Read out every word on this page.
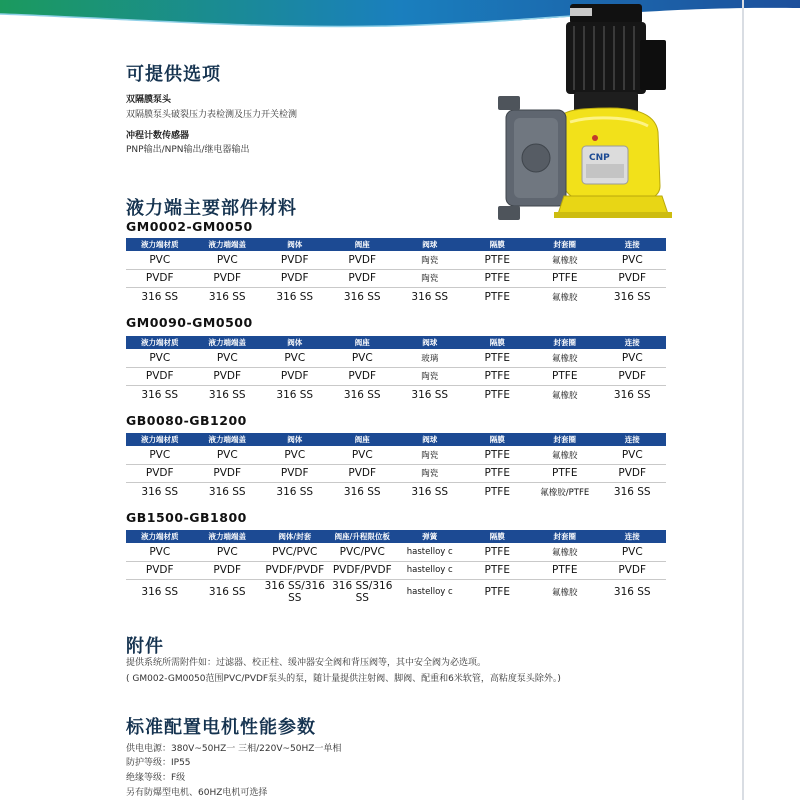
CNP
可提供选项
双隔膜泵头
双隔膜泵头破裂压力表检测及压力开关检测
冲程计数传感器
PNP输出/NPN输出/继电器输出
液力端主要部件材料
GM0002-GM0050
液力端材质	液力端端盖	阀体	阀座	阀球	隔膜	封套圈	连接
PVC	PVC	PVDF	PVDF	陶瓷	PTFE	氟橡胶	PVC
PVDF	PVDF	PVDF	PVDF	陶瓷	PTFE	PTFE	PVDF
316 SS	316 SS	316 SS	316 SS	316 SS	PTFE	氟橡胶	316 SS
GM0090-GM0500
液力端材质	液力端端盖	阀体	阀座	阀球	隔膜	封套圈	连接
PVC	PVC	PVC	PVC	玻璃	PTFE	氟橡胶	PVC
PVDF	PVDF	PVDF	PVDF	陶瓷	PTFE	PTFE	PVDF
316 SS	316 SS	316 SS	316 SS	316 SS	PTFE	氟橡胶	316 SS
GB0080-GB1200
液力端材质	液力端端盖	阀体	阀座	阀球	隔膜	封套圈	连接
PVC	PVC	PVC	PVC	陶瓷	PTFE	氟橡胶	PVC
PVDF	PVDF	PVDF	PVDF	陶瓷	PTFE	PTFE	PVDF
316 SS	316 SS	316 SS	316 SS	316 SS	PTFE	氟橡胶/PTFE	316 SS
GB1500-GB1800
液力端材质	液力端端盖	阀体/封套	阀座/升程限位板	弹簧	隔膜	封套圈	连接
PVC	PVC	PVC/PVC	PVC/PVC	hastelloy c	PTFE	氟橡胶	PVC
PVDF	PVDF	PVDF/PVDF	PVDF/PVDF	hastelloy c	PTFE	PTFE	PVDF
316 SS	316 SS	316 SS/316 SS	316 SS/316 SS	hastelloy c	PTFE	氟橡胶	316 SS
附件
提供系统所需附件如：过滤器、校正柱、缓冲器安全阀和背压阀等，其中安全阀为必选项。
( GM002-GM0050范围PVC/PVDF泵头的泵，随计量提供注射阀、脚阀、配重和6米软管，高粘度泵头除外。)
标准配置电机性能参数
供电电源：380V~50HZ一 三相/220V~50HZ一单相
防护等级：IP55
绝缘等级：F级
另有防爆型电机、60HZ电机可选择
